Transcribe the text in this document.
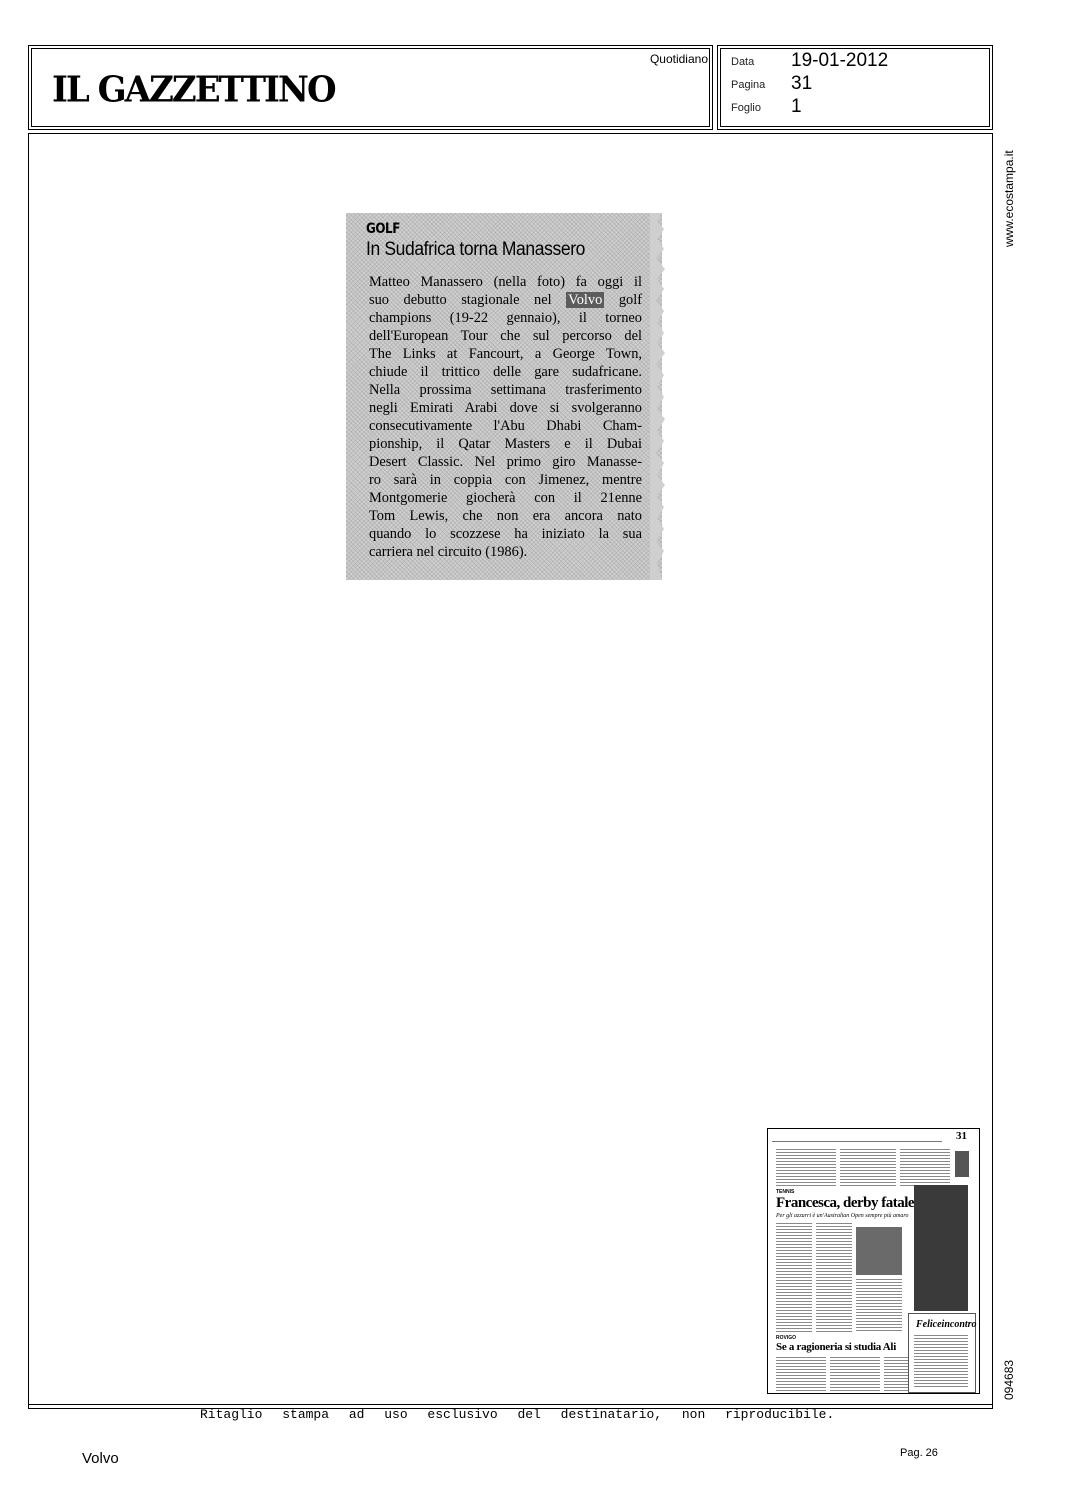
IL GAZZETTINO
Quotidiano Data 19-01-2012
Pagina 31
Foglio 1
www.ecostampa.it
094683
GOLF
In Sudafrica torna Manassero
Matteo Manassero (nella foto) fa oggi il
suo debutto stagionale nel Volvo golf
champions (19-22 gennaio), il torneo
dell'European Tour che sul percorso del
The Links at Fancourt, a George Town,
chiude il trittico delle gare sudafricane.
Nella prossima settimana trasferimento
negli Emirati Arabi dove si svolgeranno
consecutivamente l'Abu Dhabi Cham-
pionship, il Qatar Masters e il Dubai
Desert Classic. Nel primo giro Manasse-
ro sarà in coppia con Jimenez, mentre
Montgomerie giocherà con il 21enne
Tom Lewis, che non era ancora nato
quando lo scozzese ha iniziato la sua
carriera nel circuito (1986).
31
TENNIS
Francesca, derby fatale
Per gli azzurri è un'Australian Open sempre più amaro
ROVIGO
Se a ragioneria si studia Ali
Feliceincontro
Ritaglio stampa ad uso esclusivo del destinatario, non riproducibile.
Volvo	Pag. 26
